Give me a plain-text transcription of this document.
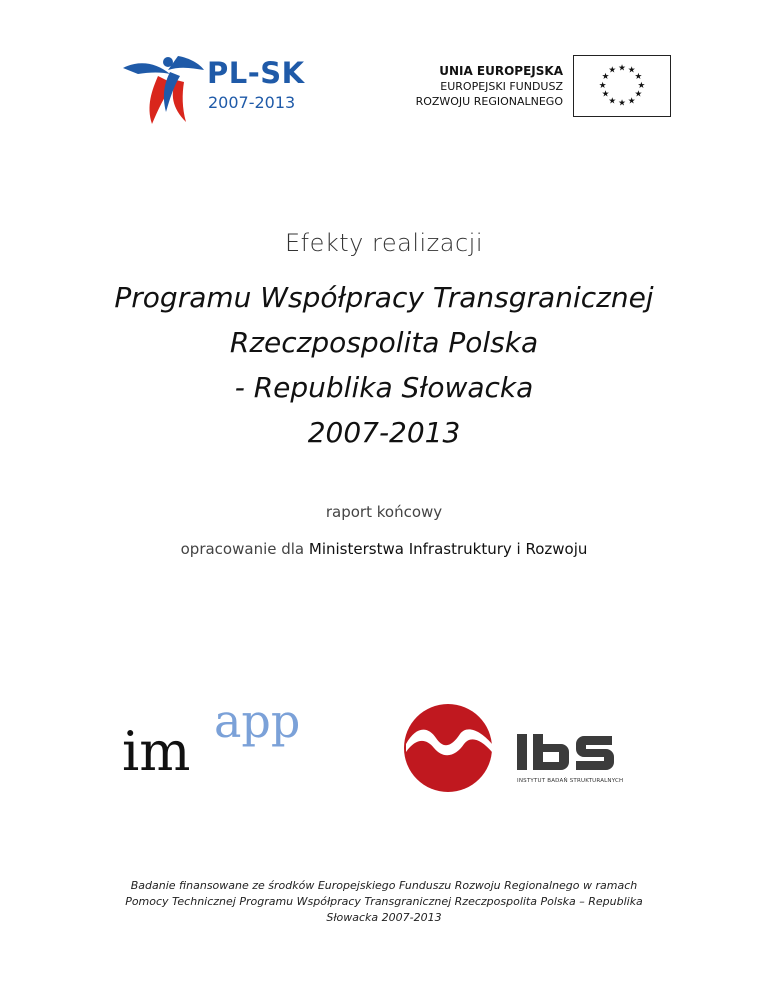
PL-SK
2007-2013
UNIA EUROPEJSKA
EUROPEJSKI FUNDUSZ
ROZWOJU REGIONALNEGO
★ ★
★
★
★
★
★
★
★
★
★
★
Efekty realizacji
Programu Współpracy Transgranicznej
Rzeczpospolita Polska
- Republika Słowacka
2007-2013
raport końcowy
opracowanie dla Ministerstwa Infrastruktury i Rozwoju
im app
INSTYTUT BADAŃ STRUKTURALNYCH
Badanie finansowane ze środków Europejskiego Funduszu Rozwoju Regionalnego w ramach
Pomocy Technicznej Programu Współpracy Transgranicznej Rzeczpospolita Polska – Republika
Słowacka 2007-2013
